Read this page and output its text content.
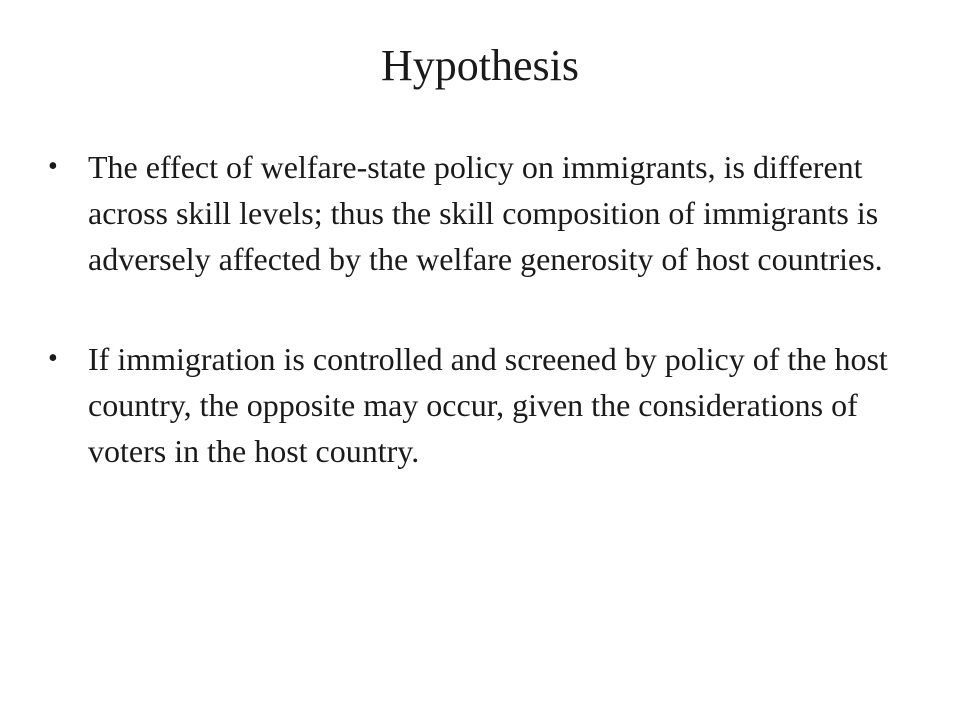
Hypothesis
• The effect of welfare-state policy on immigrants, is different across skill levels; thus the skill composition of immigrants is adversely affected by the welfare generosity of host countries.
• If immigration is controlled and screened by policy of the host country, the opposite may occur, given the considerations of voters in the host country.
